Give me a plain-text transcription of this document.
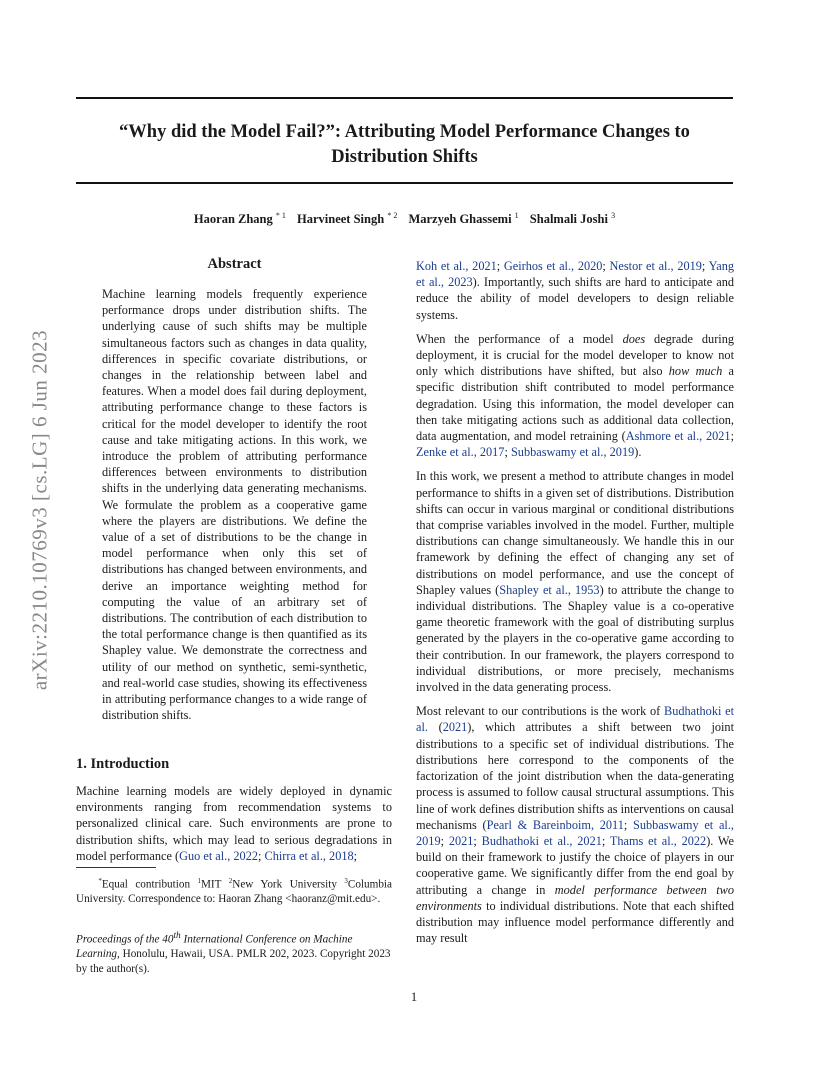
“Why did the Model Fail?”: Attributing Model Performance Changes to
Distribution Shifts
Haoran Zhang $^{* 1}$ Harvineet Singh $^{* 2}$ Marzyeh Ghassemi $^1$ Shalmali Joshi $^3$
arXiv:2210.10769v3 [cs.LG] 6 Jun 2023
Abstract

Machine learning models frequently experience performance drops under distribution shifts. The underlying cause of such shifts may be multiple simultaneous factors such as changes in data quality, differences in specific covariate distributions, or changes in the relationship between label and features. When a model does fail during deployment, attributing performance change to these factors is critical for the model developer to identify the root cause and take mitigating actions. In this work, we introduce the problem of attributing performance differences between environments to distribution shifts in the underlying data generating mechanisms. We formulate the problem as a cooperative game where the players are distributions. We define the value of a set of distributions to be the change in model performance when only this set of distributions has changed between environments, and derive an importance weighting method for computing the value of an arbitrary set of distributions. The contribution of each distribution to the total performance change is then quantified as its Shapley value. We demonstrate the correctness and utility of our method on synthetic, semi-synthetic, and real-world case studies, showing its effectiveness in attributing performance changes to a wide range of distribution shifts.

1. Introduction

Machine learning models are widely deployed in dynamic environments ranging from recommendation systems to personalized clinical care. Such environments are prone to distribution shifts, which may lead to serious degradations in model performance (Guo et al., 2022; Chirra et al., 2018;

*Equal contribution $^1$MIT $^2$New York University $^3$Columbia University. Correspondence to: Haoran Zhang <haoranz@mit.edu>.

Proceedings of the 40th International Conference on Machine Learning, Honolulu, Hawaii, USA. PMLR 202, 2023. Copyright 2023 by the author(s).

Koh et al., 2021; Geirhos et al., 2020; Nestor et al., 2019; Yang et al., 2023). Importantly, such shifts are hard to anticipate and reduce the ability of model developers to design reliable systems.

When the performance of a model does degrade during deployment, it is crucial for the model developer to know not only which distributions have shifted, but also how much a specific distribution shift contributed to model performance degradation. Using this information, the model developer can then take mitigating actions such as additional data collection, data augmentation, and model retraining (Ashmore et al., 2021; Zenke et al., 2017; Subbaswamy et al., 2019).

In this work, we present a method to attribute changes in model performance to shifts in a given set of distributions. Distribution shifts can occur in various marginal or conditional distributions that comprise variables involved in the model. Further, multiple distributions can change simultaneously. We handle this in our framework by defining the effect of changing any set of distributions on model performance, and use the concept of Shapley values (Shapley et al., 1953) to attribute the change to individual distributions. The Shapley value is a co-operative game theoretic framework with the goal of distributing surplus generated by the players in the co-operative game according to their contribution. In our framework, the players correspond to individual distributions, or more precisely, mechanisms involved in the data generating process.

Most relevant to our contributions is the work of Budhathoki et al. (2021), which attributes a shift between two joint distributions to a specific set of individual distributions. The distributions here correspond to the components of the factorization of the joint distribution when the data-generating process is assumed to follow causal structural assumptions. This line of work defines distribution shifts as interventions on causal mechanisms (Pearl & Bareinboim, 2011; Subbaswamy et al., 2019; 2021; Budhathoki et al., 2021; Thams et al., 2022). We build on their framework to justify the choice of players in our cooperative game. We significantly differ from the end goal by attributing a change in model performance between two environments to individual distributions. Note that each shifted distribution may influence model performance differently and may result

1
